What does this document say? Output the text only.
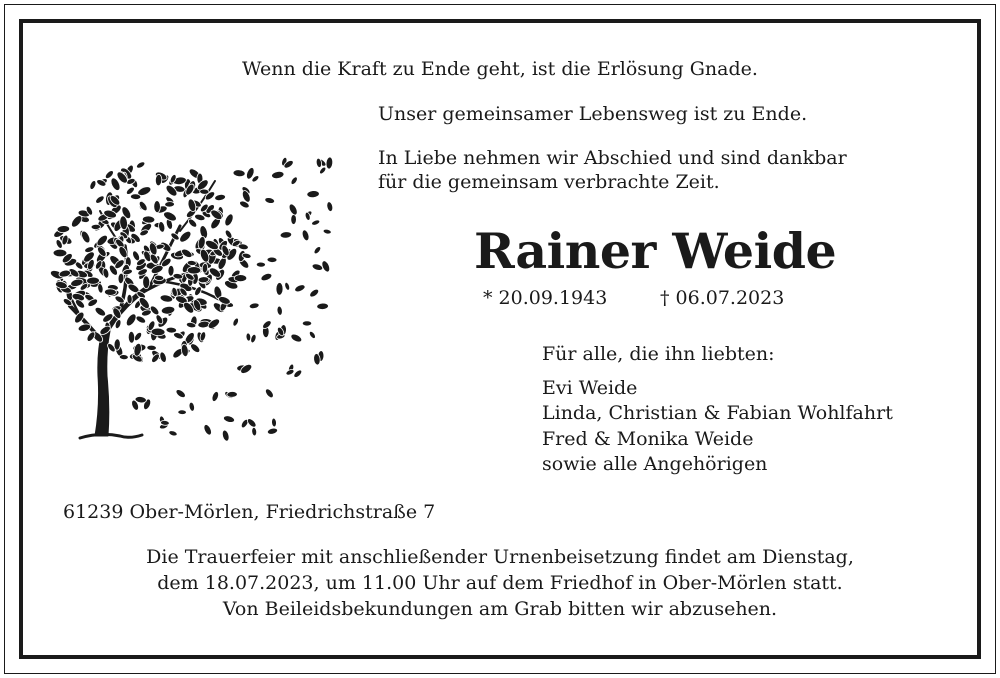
Wenn die Kraft zu Ende geht, ist die Erlösung Gnade.
Unser gemeinsamer Lebensweg ist zu Ende.
In Liebe nehmen wir Abschied und sind dankbar
für die gemeinsam verbrachte Zeit.
Rainer Weide
* 20.09.1943	† 06.07.2023
Für alle, die ihn liebten:
Evi Weide
Linda, Christian & Fabian Wohlfahrt
Fred & Monika Weide
sowie alle Angehörigen
61239 Ober-Mörlen, Friedrichstraße 7
Die Trauerfeier mit anschließender Urnenbeisetzung findet am Dienstag,
dem 18.07.2023, um 11.00 Uhr auf dem Friedhof in Ober-Mörlen statt.
Von Beileidsbekundungen am Grab bitten wir abzusehen.
